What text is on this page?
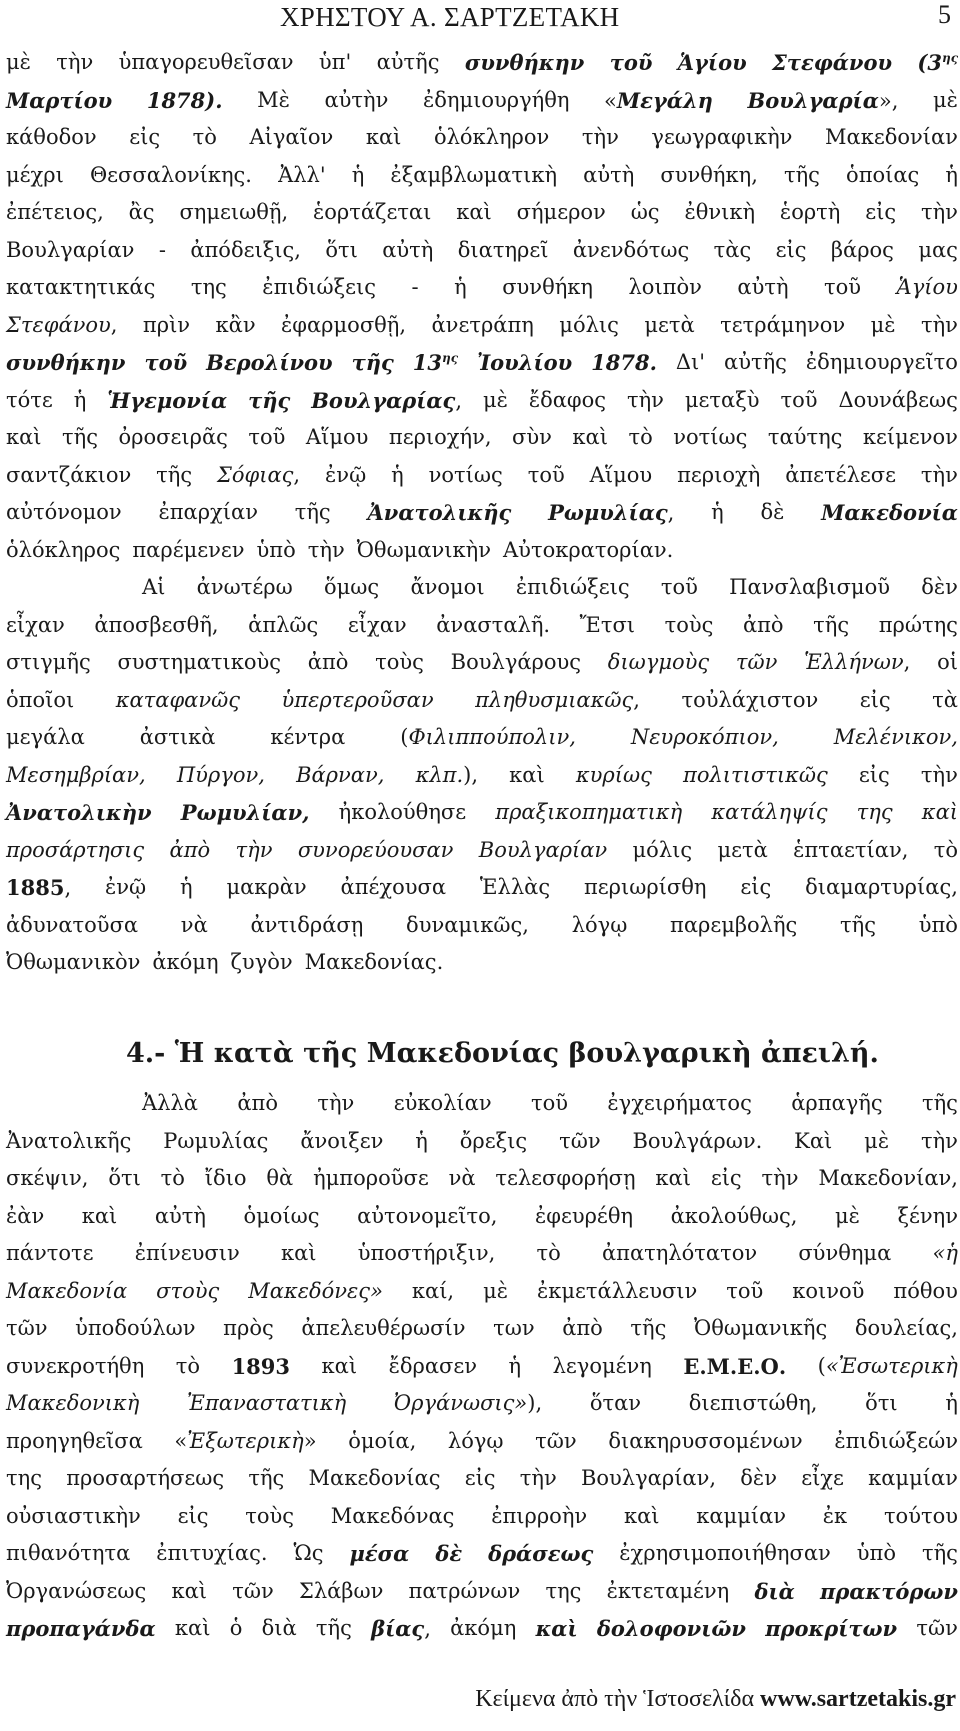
ΧΡΗΣΤΟΥ Α. ΣΑΡΤΖΕΤΑΚΗ	5
μὲ τὴν ὑπαγορευθεῖσαν ὑπ' αὐτῆς συνθήκην τοῦ Ἁγίου Στεφάνου ($3^{\eta\varsigma}$
Μαρτίου 1878). Μὲ αὐτὴν ἐδημιουργήθη «Μεγάλη Βουλγαρία», μὲ
κάθοδον εἰς τὸ Αἰγαῖον καὶ ὁλόκληρον τὴν γεωγραφικὴν Μακεδονίαν
μέχρι Θεσσαλονίκης. Ἀλλ' ἡ ἐξαμβλωματικὴ αὐτὴ συνθήκη, τῆς ὁποίας ἡ
ἐπέτειος, ἂς σημειωθῇ, ἑορτάζεται καὶ σήμερον ὡς ἐθνικὴ ἑορτὴ εἰς τὴν
Βουλγαρίαν - ἀπόδειξις, ὅτι αὐτὴ διατηρεῖ ἀνενδότως τὰς εἰς βάρος μας
κατακτητικάς της ἐπιδιώξεις - ἡ συνθήκη λοιπὸν αὐτὴ τοῦ Ἁγίου
Στεφάνου, πρὶν κἂν ἐφαρμοσθῇ, ἀνετράπη μόλις μετὰ τετράμηνον μὲ τὴν
συνθήκην τοῦ Βερολίνου τῆς $13^{\eta\varsigma}$ Ἰουλίου 1878. Δι' αὐτῆς ἐδημιουργεῖτο
τότε ἡ Ἡγεμονία τῆς Βουλγαρίας, μὲ ἔδαφος τὴν μεταξὺ τοῦ Δουνάβεως
καὶ τῆς ὀροσειρᾶς τοῦ Αἵμου περιοχήν, σὺν καὶ τὸ νοτίως ταύτης κείμενον
σαντζάκιον τῆς Σόφιας, ἐνῷ ἡ νοτίως τοῦ Αἵμου περιοχὴ ἀπετέλεσε τὴν
αὐτόνομον ἐπαρχίαν τῆς Ἀνατολικῆς Ρωμυλίας, ἡ δὲ Μακεδονία
ὁλόκληρος παρέμενεν ὑπὸ τὴν Ὀθωμανικὴν Αὐτοκρατορίαν.
Αἱ ἀνωτέρω ὅμως ἄνομοι ἐπιδιώξεις τοῦ Πανσλαβισμοῦ δὲν
εἶχαν ἀποσβεσθῆ, ἁπλῶς εἶχαν ἀνασταλῆ. Ἔτσι τοὺς ἀπὸ τῆς πρώτης
στιγμῆς συστηματικοὺς ἀπὸ τοὺς Βουλγάρους διωγμοὺς τῶν Ἑλλήνων, οἱ
ὁποῖοι καταφανῶς ὑπερτεροῦσαν πληθυσμιακῶς, τοὐλάχιστον εἰς τὰ
μεγάλα	ἀστικὰ	κέντρα	(Φιλιππούπολιν,	Νευροκόπιον,	Μελένικον,
Μεσημβρίαν, Πύργον, Βάρναν, κλπ.), καὶ κυρίως πολιτιστικῶς εἰς τὴν
Ἀνατολικὴν Ρωμυλίαν, ἠκολούθησε πραξικοπηματικὴ κατάληψίς της καὶ
προσάρτησις ἀπὸ τὴν συνορεύουσαν Βουλγαρίαν μόλις μετὰ ἑπταετίαν, τὸ
1885, ἐνῷ ἡ μακρὰν ἀπέχουσα Ἑλλὰς περιωρίσθη εἰς διαμαρτυρίας,
ἀδυνατοῦσα νὰ ἀντιδράσῃ δυναμικῶς, λόγῳ παρεμβολῆς τῆς ὑπὸ
Ὀθωμανικὸν ἀκόμη ζυγὸν Μακεδονίας.
4.- Ἡ κατὰ τῆς Μακεδονίας βουλγαρικὴ ἀπειλή.
Ἀλλὰ ἀπὸ τὴν εὐκολίαν τοῦ ἐγχειρήματος ἁρπαγῆς τῆς
Ἀνατολικῆς Ρωμυλίας ἄνοιξεν ἡ ὄρεξις τῶν Βουλγάρων. Καὶ μὲ τὴν
σκέψιν, ὅτι τὸ ἴδιο θὰ ἠμποροῦσε νὰ τελεσφορήσῃ καὶ εἰς τὴν Μακεδονίαν,
ἐὰν καὶ αὐτὴ ὁμοίως αὐτονομεῖτο, ἐφευρέθη ἀκολούθως, μὲ ξένην
πάντοτε ἐπίνευσιν καὶ ὑποστήριξιν, τὸ ἀπατηλότατον σύνθημα «ἡ
Μακεδονία στοὺς Μακεδόνες» καί, μὲ ἐκμετάλλευσιν τοῦ κοινοῦ πόθου
τῶν ὑποδούλων πρὸς ἀπελευθέρωσίν των ἀπὸ τῆς Ὀθωμανικῆς δουλείας,
συνεκροτήθη τὸ 1893 καὶ ἔδρασεν ἡ λεγομένη Ε.Μ.Ε.Ο. («Ἐσωτερικὴ
Μακεδονικὴ Ἐπαναστατικὴ Ὀργάνωσις»), ὅταν διεπιστώθη, ὅτι ἡ
προηγηθεῖσα «Ἐξωτερικὴ» ὁμοία, λόγῳ τῶν διακηρυσσομένων ἐπιδιώξεών
της προσαρτήσεως τῆς Μακεδονίας εἰς τὴν Βουλγαρίαν, δὲν εἶχε καμμίαν
οὐσιαστικὴν εἰς τοὺς Μακεδόνας ἐπιρροὴν καὶ καμμίαν ἐκ τούτου
πιθανότητα ἐπιτυχίας. Ὡς μέσα δὲ δράσεως ἐχρησιμοποιήθησαν ὑπὸ τῆς
Ὀργανώσεως καὶ τῶν Σλάβων πατρώνων της ἐκτεταμένη διὰ πρακτόρων
προπαγάνδα καὶ ὁ διὰ τῆς βίας, ἀκόμη καὶ δολοφονιῶν προκρίτων τῶν
Κείμενα ἀπὸ τὴν Ἱστοσελίδα www.sartzetakis.gr
